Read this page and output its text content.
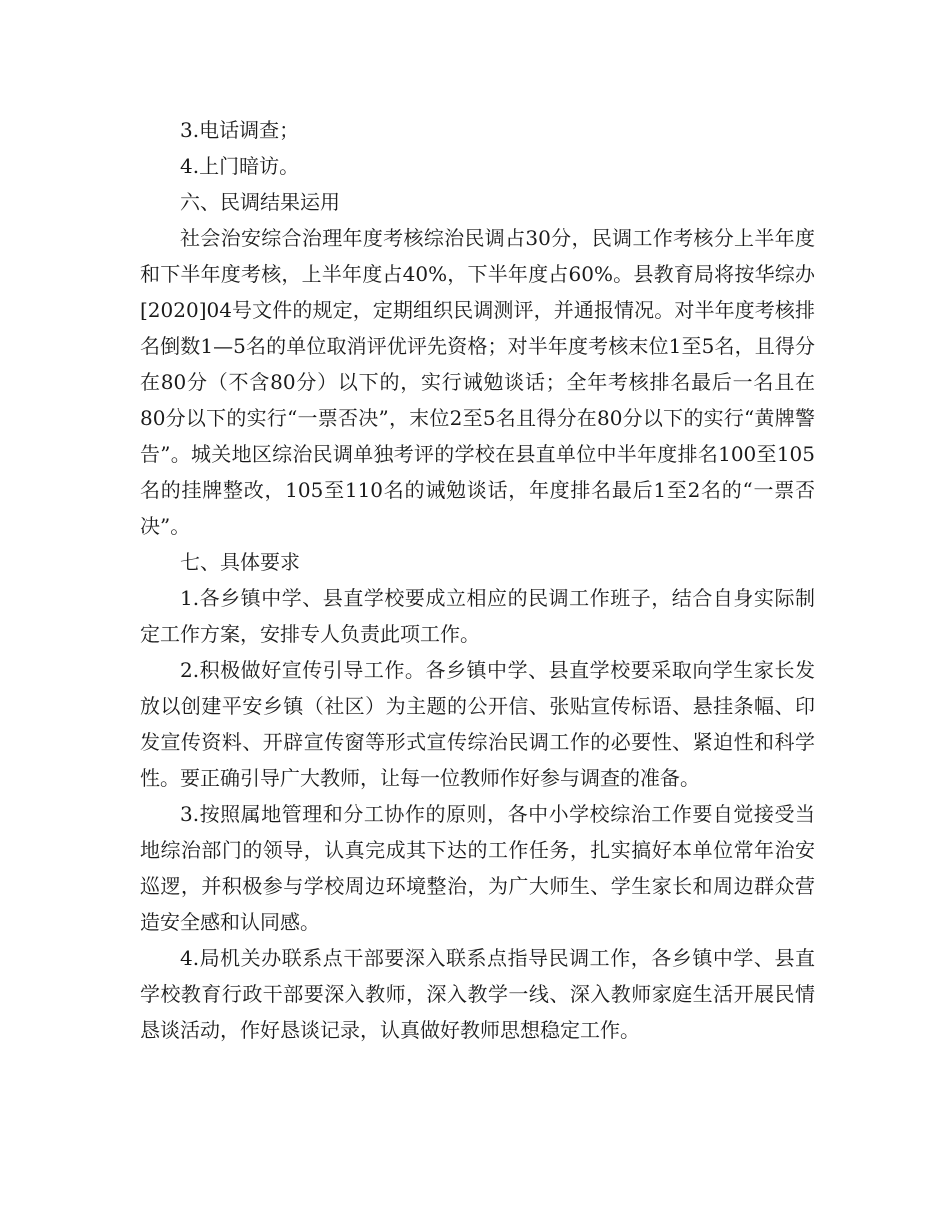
3.电话调查；

4.上门暗访。

六、民调结果运用

社会治安综合治理年度考核综治民调占30分，民调工作考核分上半年度和下半年度考核，上半年度占40%，下半年度占60%。县教育局将按华综办[2020]04号文件的规定，定期组织民调测评，并通报情况。对半年度考核排名倒数1—5名的单位取消评优评先资格；对半年度考核末位1至5名，且得分在80分（不含80分）以下的，实行诫勉谈话；全年考核排名最后一名且在80分以下的实行“一票否决”，末位2至5名且得分在80分以下的实行“黄牌警告”。城关地区综治民调单独考评的学校在县直单位中半年度排名100至105名的挂牌整改，105至110名的诫勉谈话，年度排名最后1至2名的“一票否决”。

七、具体要求

1.各乡镇中学、县直学校要成立相应的民调工作班子，结合自身实际制定工作方案，安排专人负责此项工作。

2.积极做好宣传引导工作。各乡镇中学、县直学校要采取向学生家长发放以创建平安乡镇（社区）为主题的公开信、张贴宣传标语、悬挂条幅、印发宣传资料、开辟宣传窗等形式宣传综治民调工作的必要性、紧迫性和科学性。要正确引导广大教师，让每一位教师作好参与调查的准备。

3.按照属地管理和分工协作的原则，各中小学校综治工作要自觉接受当地综治部门的领导，认真完成其下达的工作任务，扎实搞好本单位常年治安巡逻，并积极参与学校周边环境整治，为广大师生、学生家长和周边群众营造安全感和认同感。

4.局机关办联系点干部要深入联系点指导民调工作，各乡镇中学、县直学校教育行政干部要深入教师，深入教学一线、深入教师家庭生活开展民情恳谈活动，作好恳谈记录，认真做好教师思想稳定工作。
